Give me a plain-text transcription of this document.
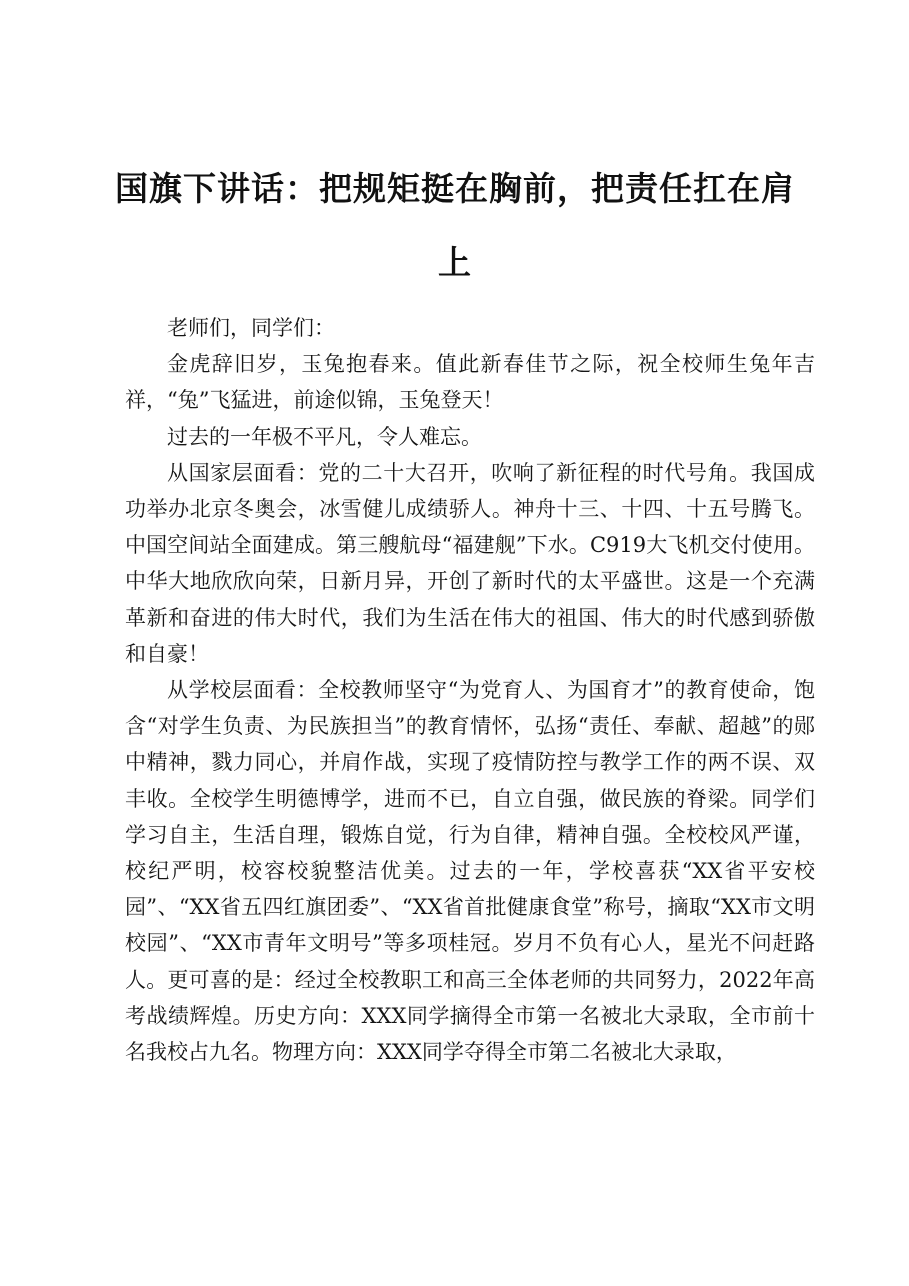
国旗下讲话：把规矩挺在胸前，把责任扛在肩上

老师们，同学们：

金虎辞旧岁，玉兔抱春来。值此新春佳节之际，祝全校师生兔年吉祥，“兔”飞猛进，前途似锦，玉兔登天！

过去的一年极不平凡，令人难忘。

从国家层面看：党的二十大召开，吹响了新征程的时代号角。我国成功举办北京冬奥会，冰雪健儿成绩骄人。神舟十三、十四、十五号腾飞。中国空间站全面建成。第三艘航母“福建舰”下水。C919大飞机交付使用。中华大地欣欣向荣，日新月异，开创了新时代的太平盛世。这是一个充满革新和奋进的伟大时代，我们为生活在伟大的祖国、伟大的时代感到骄傲和自豪！

从学校层面看：全校教师坚守“为党育人、为国育才”的教育使命，饱含“对学生负责、为民族担当”的教育情怀，弘扬“责任、奉献、超越”的郧中精神，戮力同心，并肩作战，实现了疫情防控与教学工作的两不误、双丰收。全校学生明德博学，进而不已，自立自强，做民族的脊梁。同学们学习自主，生活自理，锻炼自觉，行为自律，精神自强。全校校风严谨，校纪严明，校容校貌整洁优美。过去的一年，学校喜获“XX省平安校园”、“XX省五四红旗团委”、“XX省首批健康食堂”称号，摘取“XX市文明校园”、“XX市青年文明号”等多项桂冠。岁月不负有心人，星光不问赶路人。更可喜的是：经过全校教职工和高三全体老师的共同努力，2022年高考战绩辉煌。历史方向：XXX同学摘得全市第一名被北大录取，全市前十名我校占九名。物理方向：XXX同学夺得全市第二名被北大录取，
